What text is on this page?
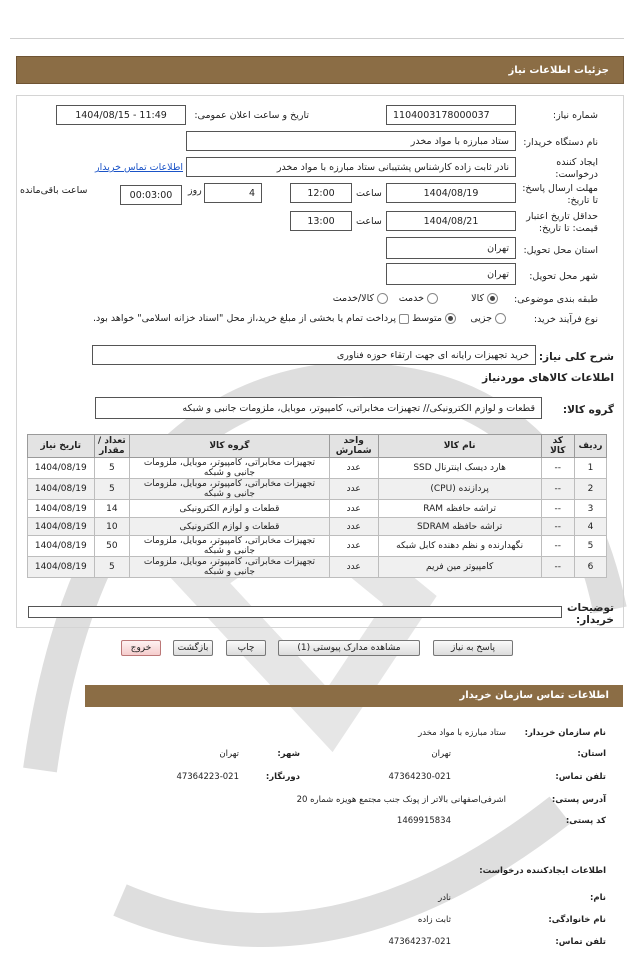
جزئیات اطلاعات نیاز
شماره نیاز:
1104003178000037
تاریخ و ساعت اعلان عمومی:
1404/08/15 - 11:49
نام دستگاه خریدار:
ستاد مبارزه با مواد مخدر
ایجاد کننده درخواست:
نادر ثابت زاده کارشناس پشتیبانی ستاد مبارزه با مواد مخدر
اطلاعات تماس خریدار
مهلت ارسال پاسخ: تا تاریخ:
1404/08/19
ساعت
12:00
4
روز
00:03:00
ساعت باقی‌مانده
حداقل تاریخ اعتبار قیمت: تا تاریخ:
1404/08/21
ساعت
13:00
استان محل تحویل:
تهران
شهر محل تحویل:
تهران
طبقه بندی موضوعی:
کالا
خدمت
کالا/خدمت
نوع فرآیند خرید:
جزیی
متوسط
پرداخت تمام یا بخشی از مبلغ خرید،از محل "اسناد خزانه اسلامی" خواهد بود.
شرح کلی نیاز:
خرید تجهیزات رایانه ای جهت ارتقاء حوزه فناوری
اطلاعات کالاهای موردنیاز
گروه کالا:
قطعات و لوازم الکترونیکی// تجهیزات مخابراتی، کامپیوتر، موبایل، ملزومات جانبی و شبکه
ردیف	کد کالا	نام کالا	واحد شمارش	گروه کالا	تعداد / مقدار	تاریخ نیاز
1	--	هارد دیسک اینترنال SSD	عدد	تجهیزات مخابراتی، کامپیوتر، موبایل، ملزومات جانبی و شبکه	5	1404/08/19
2	--	پردازنده (CPU)	عدد	تجهیزات مخابراتی، کامپیوتر، موبایل، ملزومات جانبی و شبکه	5	1404/08/19
3	--	تراشه حافظه RAM	عدد	قطعات و لوازم الکترونیکی	14	1404/08/19
4	--	تراشه حافظه SDRAM	عدد	قطعات و لوازم الکترونیکی	10	1404/08/19
5	--	نگهدارنده و نظم دهنده کابل شبکه	عدد	تجهیزات مخابراتی، کامپیوتر، موبایل، ملزومات جانبی و شبکه	50	1404/08/19
6	--	کامپیوتر مین فریم	عدد	تجهیزات مخابراتی، کامپیوتر، موبایل، ملزومات جانبی و شبکه	5	1404/08/19
توضیحات خریدار:
پاسخ به نیاز
مشاهده مدارک پیوستی (1)
چاپ
بازگشت
خروج
اطلاعات تماس سازمان خریدار
نام سازمان خریدار:
ستاد مبارزه با مواد مخدر
استان:
تهران
شهر:
تهران
تلفن تماس:
47364230-021
دورنگار:
47364223-021
آدرس پستی:
اشرفی‌اصفهانی بالاتر از پونک جنب مجتمع هویزه شماره 20
کد پستی:
1469915834
اطلاعات ایجادکننده درخواست:
نام:
نادر
نام خانوادگی:
ثابت زاده
تلفن تماس:
47364237-021
